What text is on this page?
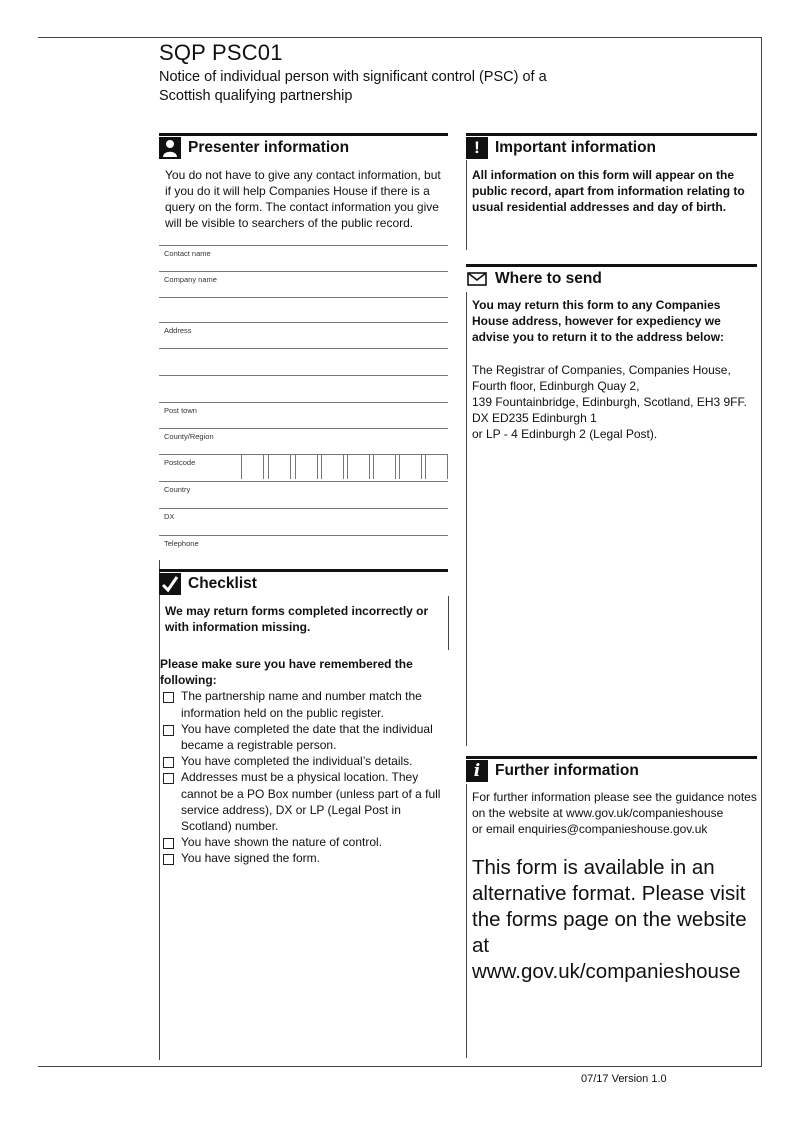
SQP PSC01
Notice of individual person with significant control (PSC) of a Scottish qualifying partnership
Presenter information
You do not have to give any contact information, but if you do it will help Companies House if there is a query on the form. The contact information you give will be visible to searchers of the public record.
Contact name
Company name
Address
Post town
County/Region
Postcode
Country
DX
Telephone
Checklist
We may return forms completed incorrectly or with information missing.
Please make sure you have remembered the following:
The partnership name and number match the information held on the public register.
You have completed the date that the individual became a registrable person.
You have completed the individual’s details.
Addresses must be a physical location. They cannot be a PO Box number (unless part of a full service address), DX or LP (Legal Post in Scotland) number.
You have shown the nature of control.
You have signed the form.
! Important information
All information on this form will appear on the public record, apart from information relating to usual residential addresses and day of birth.
Where to send
You may return this form to any Companies House address, however for expediency we advise you to return it to the address below:
The Registrar of Companies, Companies House,
Fourth floor, Edinburgh Quay 2,
139 Fountainbridge, Edinburgh, Scotland, EH3 9FF.
DX ED235 Edinburgh 1
or LP - 4 Edinburgh 2 (Legal Post).
i Further information
For further information please see the guidance notes
on the website at www.gov.uk/companieshouse
or email enquiries@companieshouse.gov.uk
This form is available in an alternative format. Please visit the forms page on the website at www.gov.uk/companieshouse
07/17 Version 1.0
